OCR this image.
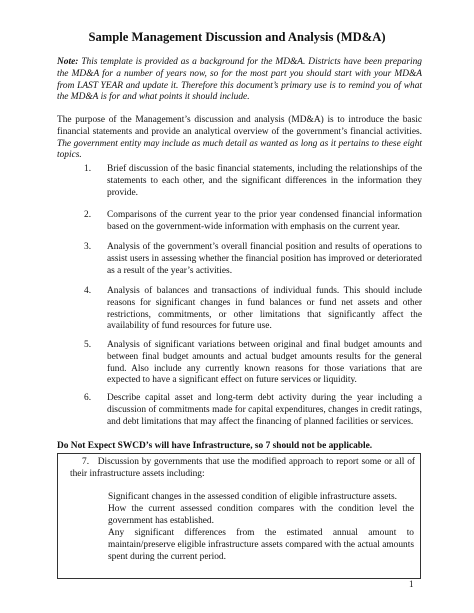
Sample Management Discussion and Analysis (MD&A)
Note: This template is provided as a background for the MD&A. Districts have been preparing the MD&A for a number of years now, so for the most part you should start with your MD&A from LAST YEAR and update it. Therefore this document’s primary use is to remind you of what the MD&A is for and what points it should include.
The purpose of the Management’s discussion and analysis (MD&A) is to introduce the basic financial statements and provide an analytical overview of the government’s financial activities. The government entity may include as much detail as wanted as long as it pertains to these eight topics.
1.	Brief discussion of the basic financial statements, including the relationships of the statements to each other, and the significant differences in the information they provide.
2.	Comparisons of the current year to the prior year condensed financial information based on the government-wide information with emphasis on the current year.
3.	Analysis of the government’s overall financial position and results of operations to assist users in assessing whether the financial position has improved or deteriorated as a result of the year’s activities.
4.	Analysis of balances and transactions of individual funds. This should include reasons for significant changes in fund balances or fund net assets and other restrictions, commitments, or other limitations that significantly affect the availability of fund resources for future use.
5.	Analysis of significant variations between original and final budget amounts and between final budget amounts and actual budget amounts results for the general fund. Also include any currently known reasons for those variations that are expected to have a significant effect on future services or liquidity.
6.	Describe capital asset and long-term debt activity during the year including a discussion of commitments made for capital expenditures, changes in credit ratings, and debt limitations that may affect the financing of planned facilities or services.
Do Not Expect SWCD’s will have Infrastructure, so 7 should not be applicable.
7. Discussion by governments that use the modified approach to report some or all of their infrastructure assets including:
Significant changes in the assessed condition of eligible infrastructure assets.
How the current assessed condition compares with the condition level the government has established.
Any significant differences from the estimated annual amount to maintain/preserve eligible infrastructure assets compared with the actual amounts spent during the current period.
1
